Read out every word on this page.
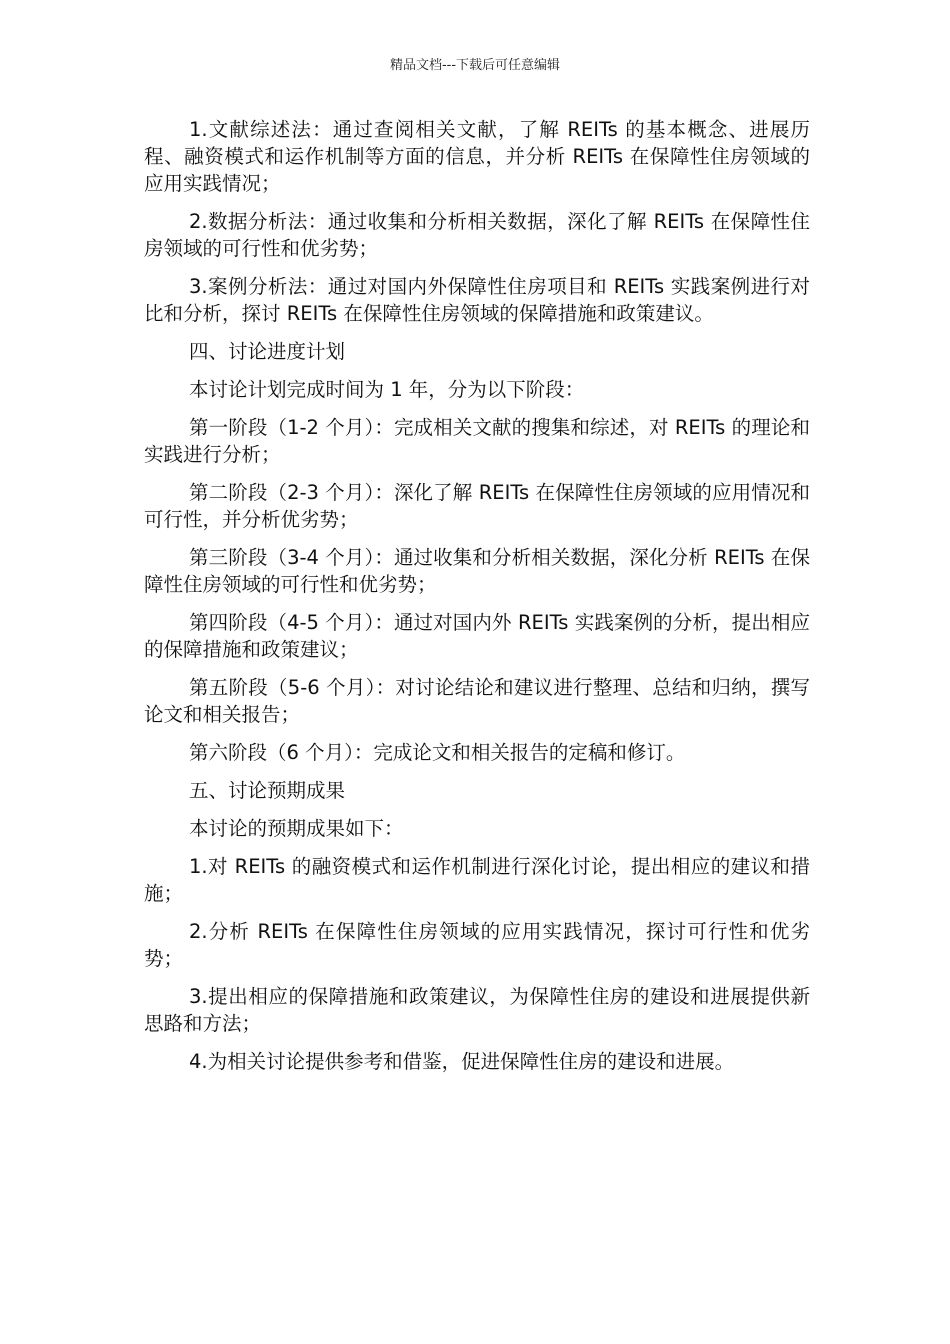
精品文档---下载后可任意编辑

1.文献综述法：通过查阅相关文献，了解 REITs 的基本概念、进展历程、融资模式和运作机制等方面的信息，并分析 REITs 在保障性住房领域的应用实践情况；

2.数据分析法：通过收集和分析相关数据，深化了解 REITs 在保障性住房领域的可行性和优劣势；

3.案例分析法：通过对国内外保障性住房项目和 REITs 实践案例进行对比和分析，探讨 REITs 在保障性住房领域的保障措施和政策建议。

四、讨论进度计划

本讨论计划完成时间为 1 年，分为以下阶段：

第一阶段（1-2 个月）：完成相关文献的搜集和综述，对 REITs 的理论和实践进行分析；

第二阶段（2-3 个月）：深化了解 REITs 在保障性住房领域的应用情况和可行性，并分析优劣势；

第三阶段（3-4 个月）：通过收集和分析相关数据，深化分析 REITs 在保障性住房领域的可行性和优劣势；

第四阶段（4-5 个月）：通过对国内外 REITs 实践案例的分析，提出相应的保障措施和政策建议；

第五阶段（5-6 个月）：对讨论结论和建议进行整理、总结和归纳，撰写论文和相关报告；

第六阶段（6 个月）：完成论文和相关报告的定稿和修订。

五、讨论预期成果

本讨论的预期成果如下：

1.对 REITs 的融资模式和运作机制进行深化讨论，提出相应的建议和措施；

2.分析 REITs 在保障性住房领域的应用实践情况，探讨可行性和优劣势；

3.提出相应的保障措施和政策建议，为保障性住房的建设和进展提供新思路和方法；

4.为相关讨论提供参考和借鉴，促进保障性住房的建设和进展。
